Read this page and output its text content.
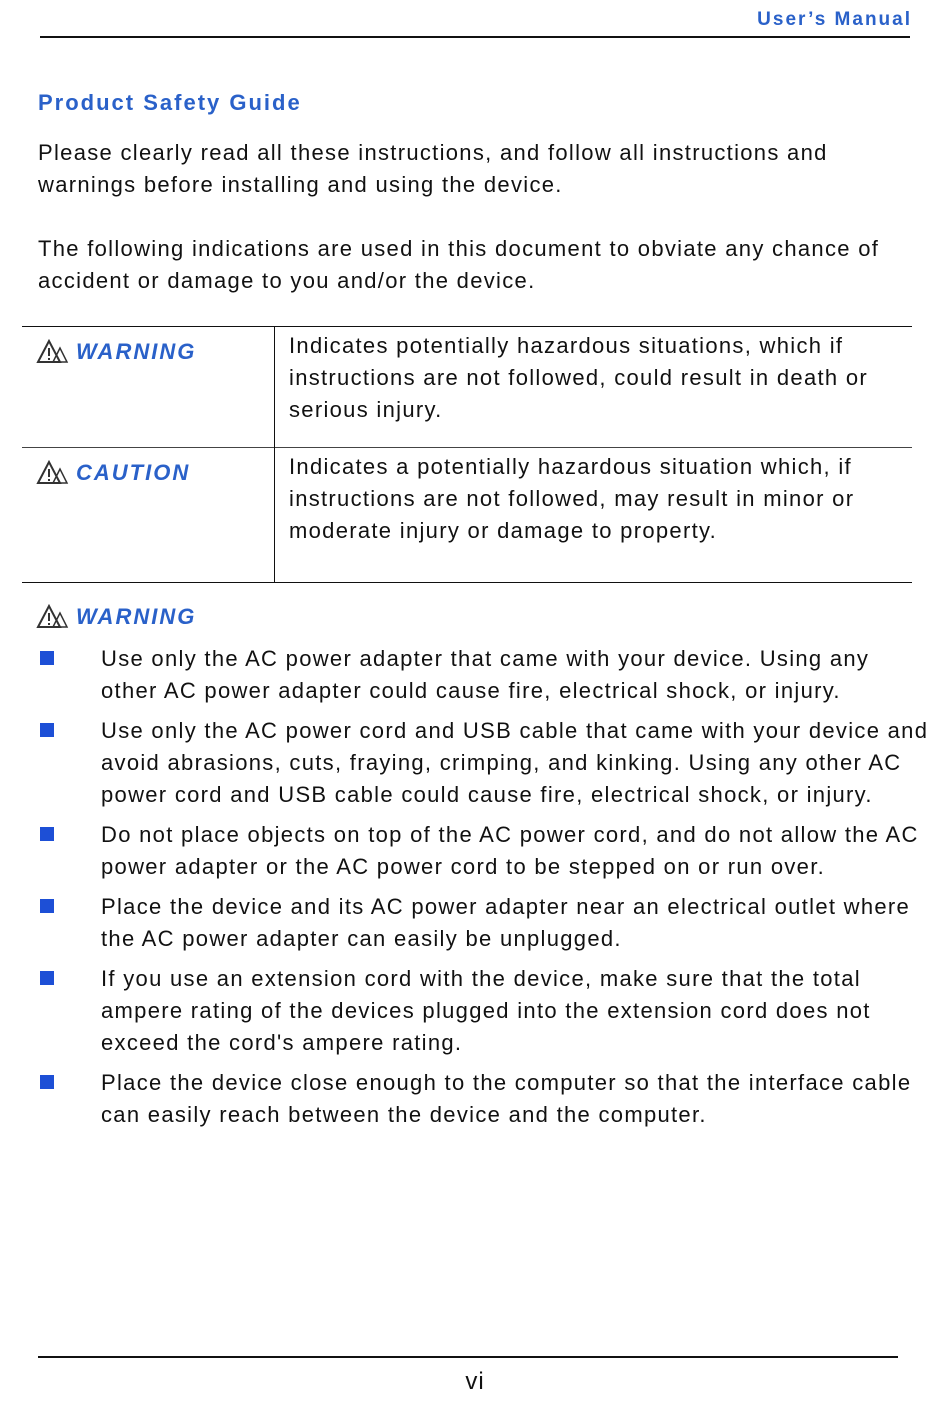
User’s Manual
Product Safety Guide

Please clearly read all these instructions, and follow all instructions and warnings before installing and using the device.

The following indications are used in this document to obviate any chance of accident or damage to you and/or the device.

WARNING	Indicates potentially hazardous situations, which if instructions are not followed, could result in death or serious injury.

CAUTION	Indicates a potentially hazardous situation which, if instructions are not followed, may result in minor or moderate injury or damage to property.
WARNING
Use only the AC power adapter that came with your device. Using any other AC power adapter could cause fire, electrical shock, or injury.
Use only the AC power cord and USB cable that came with your device and avoid abrasions, cuts, fraying, crimping, and kinking. Using any other AC power cord and USB cable could cause fire, electrical shock, or injury.
Do not place objects on top of the AC power cord, and do not allow the AC power adapter or the AC power cord to be stepped on or run over.
Place the device and its AC power adapter near an electrical outlet where the AC power adapter can easily be unplugged.
If you use an extension cord with the device, make sure that the total ampere rating of the devices plugged into the extension cord does not exceed the cord's ampere rating.
Place the device close enough to the computer so that the interface cable can easily reach between the device and the computer.
vi
